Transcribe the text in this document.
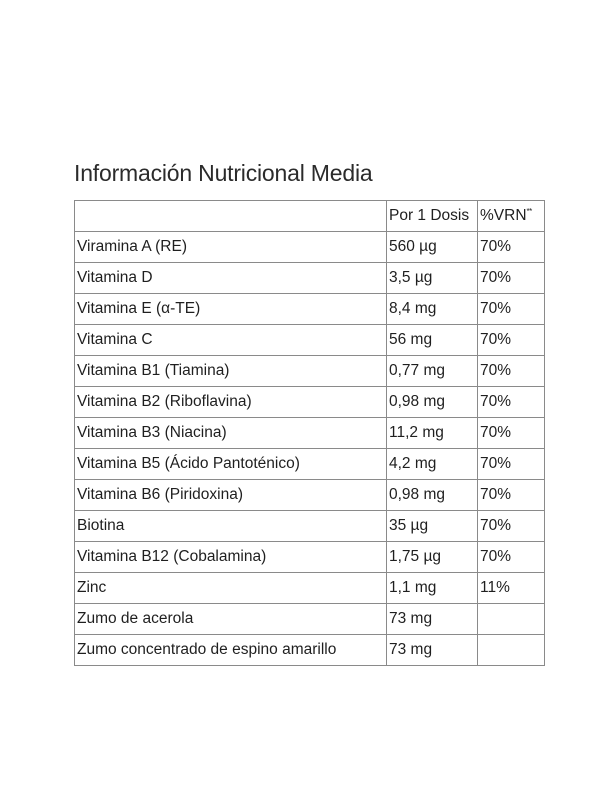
Información Nutricional Media
	Por 1 Dosis	%VRN**
Viramina A (RE)	560 µg	70%
Vitamina D	3,5 µg	70%
Vitamina E (α-TE)	8,4 mg	70%
Vitamina C	56 mg	70%
Vitamina B1 (Tiamina)	0,77 mg	70%
Vitamina B2 (Riboflavina)	0,98 mg	70%
Vitamina B3 (Niacina)	11,2 mg	70%
Vitamina B5 (Ácido Pantoténico)	4,2 mg	70%
Vitamina B6 (Piridoxina)	0,98 mg	70%
Biotina	35 µg	70%
Vitamina B12 (Cobalamina)	1,75 µg	70%
Zinc	1,1 mg	11%
Zumo de acerola	73 mg	
Zumo concentrado de espino amarillo	73 mg	
